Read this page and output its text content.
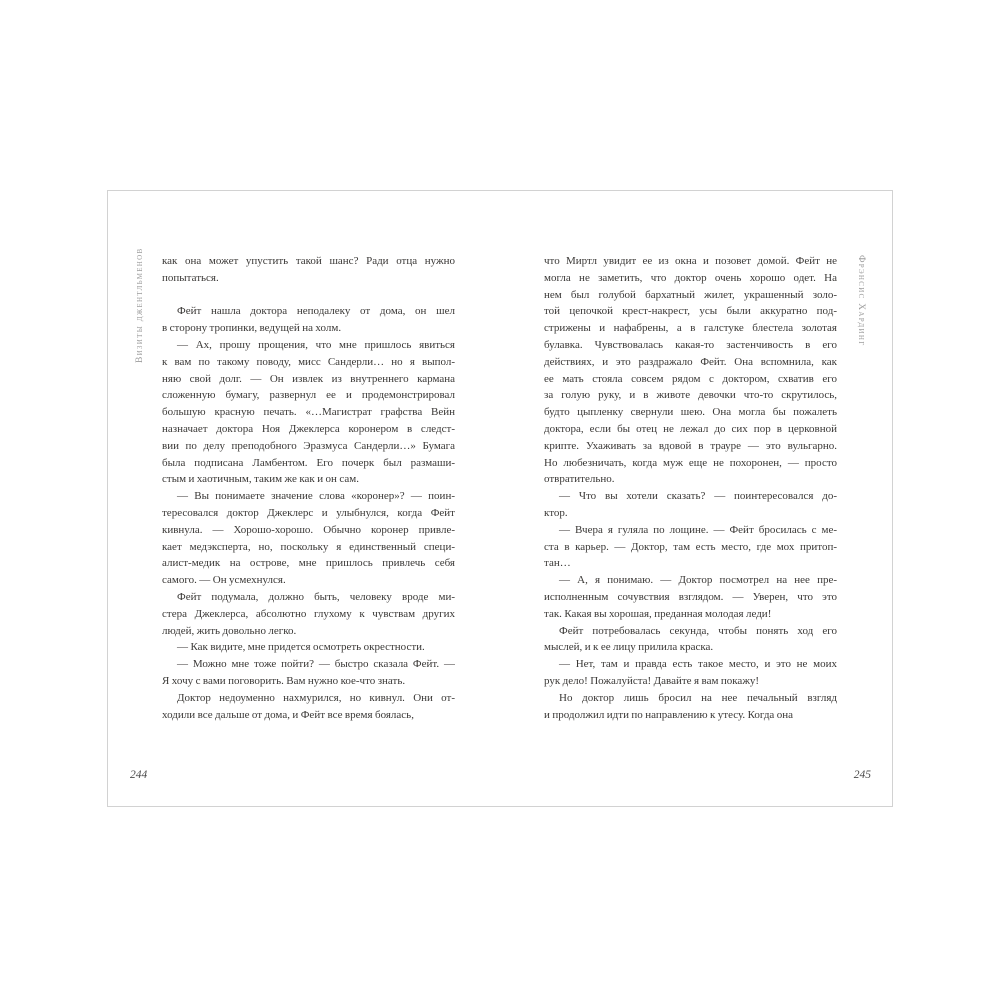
Визиты джентльменов как она может упустить такой шанс? Ради отца нужно
попытаться.
Фейт нашла доктора неподалеку от дома, он шел
в сторону тропинки, ведущей на холм.
— Ах, прошу прощения, что мне пришлось явиться
к вам по такому поводу, мисс Сандерли… но я выпол-
няю свой долг. — Он извлек из внутреннего кармана
сложенную бумагу, развернул ее и продемонстрировал
большую красную печать. «…Магистрат графства Вейн
назначает доктора Ноя Джеклерса коронером в следст-
вии по делу преподобного Эразмуса Сандерли…» Бумага
была подписана Ламбентом. Его почерк был размаши-
стым и хаотичным, таким же как и он сам.
— Вы понимаете значение слова «коронер»? — поин-
тересовался доктор Джеклерс и улыбнулся, когда Фейт
кивнула. — Хорошо-хорошо. Обычно коронер привле-
кает медэксперта, но, поскольку я единственный специ-
алист-медик на острове, мне пришлось привлечь себя
самого. — Он усмехнулся.
Фейт подумала, должно быть, человеку вроде ми-
стера Джеклерса, абсолютно глухому к чувствам других
людей, жить довольно легко.
— Как видите, мне придется осмотреть окрестности.
— Можно мне тоже пойти? — быстро сказала Фейт. —
Я хочу с вами поговорить. Вам нужно кое-что знать.
Доктор недоуменно нахмурился, но кивнул. Они от-
ходили все дальше от дома, и Фейт все время боялась,
244
Фрэнсис Хардинг
что Миртл увидит ее из окна и позовет домой. Фейт не
могла не заметить, что доктор очень хорошо одет. На
нем был голубой бархатный жилет, украшенный золо-
той цепочкой крест-накрест, усы были аккуратно под-
стрижены и нафабрены, а в галстуке блестела золотая
булавка. Чувствовалась какая-то застенчивость в его
действиях, и это раздражало Фейт. Она вспомнила, как
ее мать стояла совсем рядом с доктором, схватив его
за голую руку, и в животе девочки что-то скрутилось,
будто цыпленку свернули шею. Она могла бы пожалеть
доктора, если бы отец не лежал до сих пор в церковной
крипте. Ухаживать за вдовой в трауре — это вульгарно.
Но любезничать, когда муж еще не похоронен, — просто
отвратительно.
— Что вы хотели сказать? — поинтересовался до-
ктор.
— Вчера я гуляла по лощине. — Фейт бросилась с ме-
ста в карьер. — Доктор, там есть место, где мох притоп-
тан…
— А, я понимаю. — Доктор посмотрел на нее пре-
исполненным сочувствия взглядом. — Уверен, что это
так. Какая вы хорошая, преданная молодая леди!
Фейт потребовалась секунда, чтобы понять ход его
мыслей, и к ее лицу прилила краска.
— Нет, там и правда есть такое место, и это не моих
рук дело! Пожалуйста! Давайте я вам покажу!
Но доктор лишь бросил на нее печальный взгляд
и продолжил идти по направлению к утесу. Когда она
245
